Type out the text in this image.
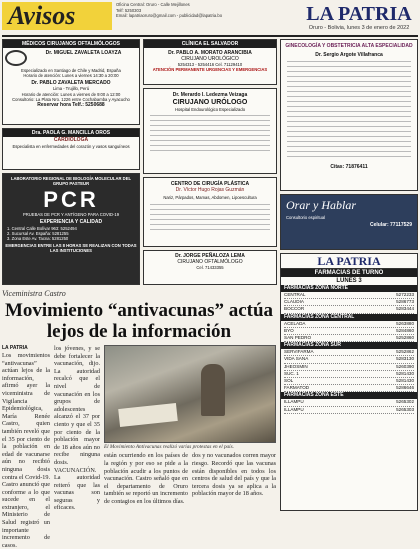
Avisos	Oficina Central: Oruro - Calle Mejillones
Telf: 5250303
Email: lapatriaoruro@gmail.com - publicidad@lapatria.bo	LA PATRIA
Oruro - Bolivia, lunes 3 de enero de 2022
MÉDICOS CIRUJANOS OFTALMÓLOGOS
Dr. MIGUEL ZAVALETA LOAYZA
Especializado en Santiago de Chile y Madrid, España
Horario de atención: Lunes a viernes 14:30 a 20:00
Dr. PABLO ZAVALETA MERCADO
Lima - Trujillo, Perú
Horario de atención: Lunes a viernes de 9:00 a 12:00
Consultorio: La Plata Nro. 1226 entre Cochabamba y Ayacucho
Reservar hora Telf.: 5250688
Dra. PAOLA G. MANCILLA OROS
CARDIÓLOGA
Especialista en enfermedades del corazón y vasos sanguíneos
LABORATORIO REGIONAL DE BIOLOGÍA MOLECULAR DEL GRUPO PASTEUR
PCR
PRUEBAS DE PCR Y ANTÍGENO PARA COVID-19
EXPERIENCIA Y CALIDAD
1. Central Calle Bolívar 963: 5252494
2. Sucursal Av. España: 5281255
3. Zona Este Av. Tacna: 5281250
EMERGENCIAS ENTRE LAS 8 HORAS SE REALIZAN CON TODAS LAS INSTITUCIONES
CLÍNICA EL SALVADOR
Dr. PABLO A. MORATO ARANCIBIA
CIRUJANO UROLÓGICO
5254313 - 5254416 Cel. 71129410
ATENCIÓN PERMANENTE URGENCIAS Y EMERGENCIAS
Dr. Merardo I. Ledezma Veizaga
CIRUJANO URÓLOGO
Hospital Endourológico Especializado
CENTRO DE CIRUGÍA PLÁSTICA
Dr. Víctor Hugo Rojas Guzmán
Nariz, Párpados, Mamas, Abdomen, Lipoescultura
Dr. JORGE PEÑALOZA LEMA
CIRUJANO OFTALMÓLOGO
Cel. 71433355
GINECOLOGÍA Y OBSTETRICIA ALTA ESPECIALIDAD
Dr. Sergio Argote Villafranca
Citas: 71876411
Orar y Hablar
Consultorio espiritual
Celular: 77117529
LA PATRIA
FARMACIAS DE TURNO
LUNES 3
FARMACIAS ZONA NORTE
CENTRAL	5272233
CLAUDIA	5286773
BOCCOR	5283444
FARMACIAS ZONA CENTRAL
ACELADA	5263880
BYO	5284860
SAN PEDRO	5252860
FARMACIAS ZONA SUR
SERVIFARMA	5252862
VIDA SANA	5283130
JHEOSMIN	5260390
SUC. 1	5281430
SOL	5281430
FARMATOD	5286646
FARMACIAS ZONA ESTE
ILLAMPU	5265302
ILLAMPU	5265303
Viceministra Castro
Movimiento “antivacunas” actúa lejos de la información
LA PATRIA
Los movimientos “antivacunas” actúan lejos de la información, afirmó ayer la viceministra de Vigilancia Epidemiológica, María Renée Castro, quien también reveló que el 35 por ciento de la población en edad de vacunarse aún no recibió ninguna dosis contra el Covid-19. Castro anunció que conforme a lo que sucede en el extranjero, el Ministerio de Salud registró un importante incremento de casos.
los jóvenes, y se debe fortalecer la vacunación, dijo. La autoridad recalcó que el nivel de vacunación en los grupos de adolescentes alcanzó el 37 por ciento y que el 35 por ciento de la población mayor de 18 años aún no recibe ninguna dosis. VACUNACIÓN. La autoridad reiteró que las vacunas son seguras y eficaces.
El Movimiento Antivacunas realizó varias protestas en el país.
están ocurriendo en los países de la región y por eso se pide a la población acudir a los puntos de vacunación. Castro señaló que en el departamento de Oruro también se reportó un incremento de contagios en los últimos días.
dos y no vacunados corren mayor riesgo. Recordó que las vacunas están disponibles en todos los centros de salud del país y que la tercera dosis ya se aplica a la población mayor de 18 años.
